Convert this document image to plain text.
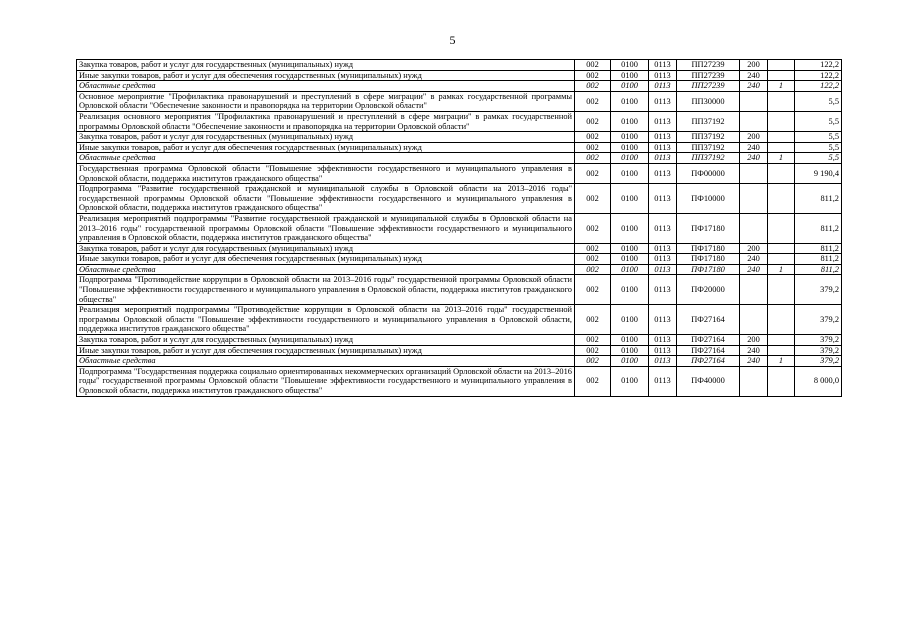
5
Закупка товаров, работ и услуг для государственных (муниципальных) нужд	002	0100	0113	ПП27239	200		122,2
Иные закупки товаров, работ и услуг для обеспечения государственных (муниципальных) нужд	002	0100	0113	ПП27239	240		122,2
Областные средства	002	0100	0113	ПП27239	240	1	122,2
Основное мероприятие "Профилактика правонарушений и преступлений в сфере миграции" в рамках государственной программы Орловской области "Обеспечение законности и правопорядка на территории Орловской области"	002	0100	0113	ПП30000			5,5
Реализация основного мероприятия "Профилактика правонарушений и преступлений в сфере миграции" в рамках государственной программы Орловской области "Обеспечение законности и правопорядка на территории Орловской области"	002	0100	0113	ПП37192			5,5
Закупка товаров, работ и услуг для государственных (муниципальных) нужд	002	0100	0113	ПП37192	200		5,5
Иные закупки товаров, работ и услуг для обеспечения государственных (муниципальных) нужд	002	0100	0113	ПП37192	240		5,5
Областные средства	002	0100	0113	ПП37192	240	1	5,5
Государственная программа Орловской области "Повышение эффективности государственного и муниципального управления в Орловской области, поддержка институтов гражданского общества"	002	0100	0113	ПФ00000			9 190,4
Подпрограмма "Развитие государственной гражданской и муниципальной службы в Орловской области на 2013–2016 годы" государственной программы Орловской области "Повышение эффективности государственного и муниципального управления в Орловской области, поддержка институтов гражданского общества"	002	0100	0113	ПФ10000			811,2
Реализация мероприятий подпрограммы "Развитие государственной гражданской и муниципальной службы в Орловской области на 2013–2016 годы" государственной программы Орловской области "Повышение эффективности государственного и муниципального управления в Орловской области, поддержка институтов гражданского общества"	002	0100	0113	ПФ17180			811,2
Закупка товаров, работ и услуг для государственных (муниципальных) нужд	002	0100	0113	ПФ17180	200		811,2
Иные закупки товаров, работ и услуг для обеспечения государственных (муниципальных) нужд	002	0100	0113	ПФ17180	240		811,2
Областные средства	002	0100	0113	ПФ17180	240	1	811,2
Подпрограмма "Противодействие коррупции в Орловской области на 2013–2016 годы" государственной программы Орловской области "Повышение эффективности государственного и муниципального управления в Орловской области, поддержка институтов гражданского общества"	002	0100	0113	ПФ20000			379,2
Реализация мероприятий подпрограммы "Противодействие коррупции в Орловской области на 2013–2016 годы" государственной программы Орловской области "Повышение эффективности государственного и муниципального управления в Орловской области, поддержка институтов гражданского общества"	002	0100	0113	ПФ27164			379,2
Закупка товаров, работ и услуг для государственных (муниципальных) нужд	002	0100	0113	ПФ27164	200		379,2
Иные закупки товаров, работ и услуг для обеспечения государственных (муниципальных) нужд	002	0100	0113	ПФ27164	240		379,2
Областные средства	002	0100	0113	ПФ27164	240	1	379,2
Подпрограмма "Государственная поддержка социально ориентированных некоммерческих организаций Орловской области на 2013–2016 годы" государственной программы Орловской области "Повышение эффективности государственного и муниципального управления в Орловской области, поддержка институтов гражданского общества"	002	0100	0113	ПФ40000			8 000,0
